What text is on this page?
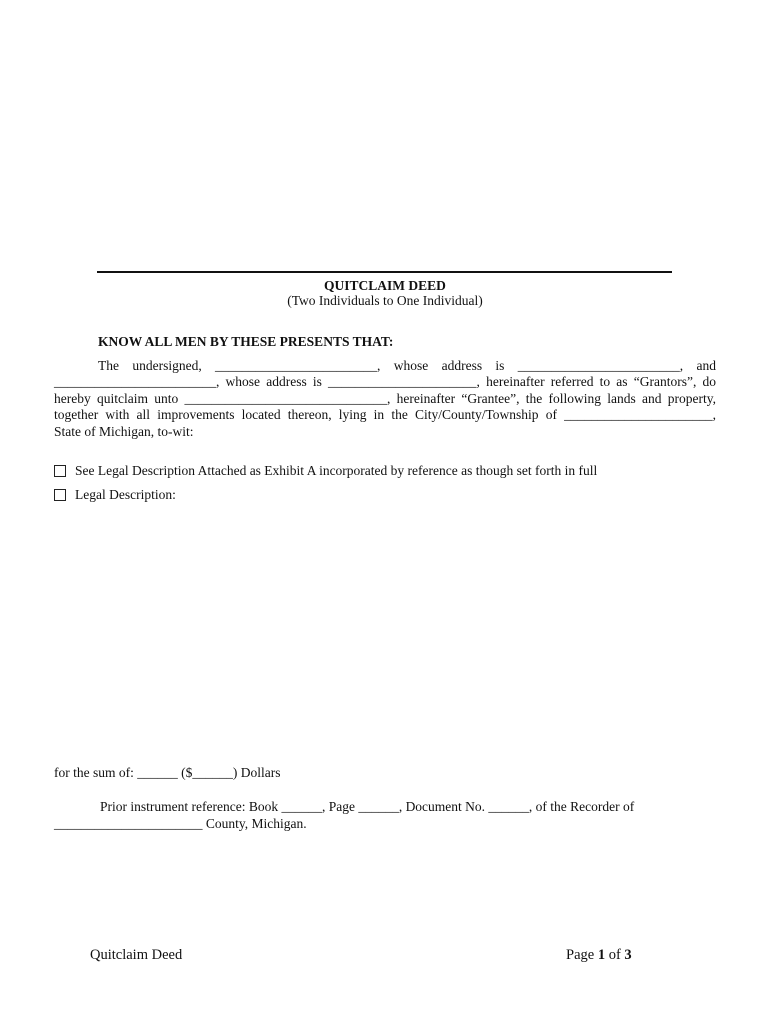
QUITCLAIM DEED
(Two Individuals to One Individual)
KNOW ALL MEN BY THESE PRESENTS THAT:
The undersigned, ________________________, whose address is ________________________, and
________________________, whose address is ______________________, hereinafter referred to as “Grantors”, do
hereby quitclaim unto ______________________________, hereinafter “Grantee”, the following lands and property,
together with all improvements located thereon, lying in the City/County/Township of ______________________,
State of Michigan, to-wit:
See Legal Description Attached as Exhibit A incorporated by reference as though set forth in full
Legal Description:
for the sum of: ______ ($______) Dollars
Prior instrument reference: Book ______, Page ______, Document No. ______, of the Recorder of
______________________ County, Michigan.
Quitclaim Deed	Page 1 of 3
